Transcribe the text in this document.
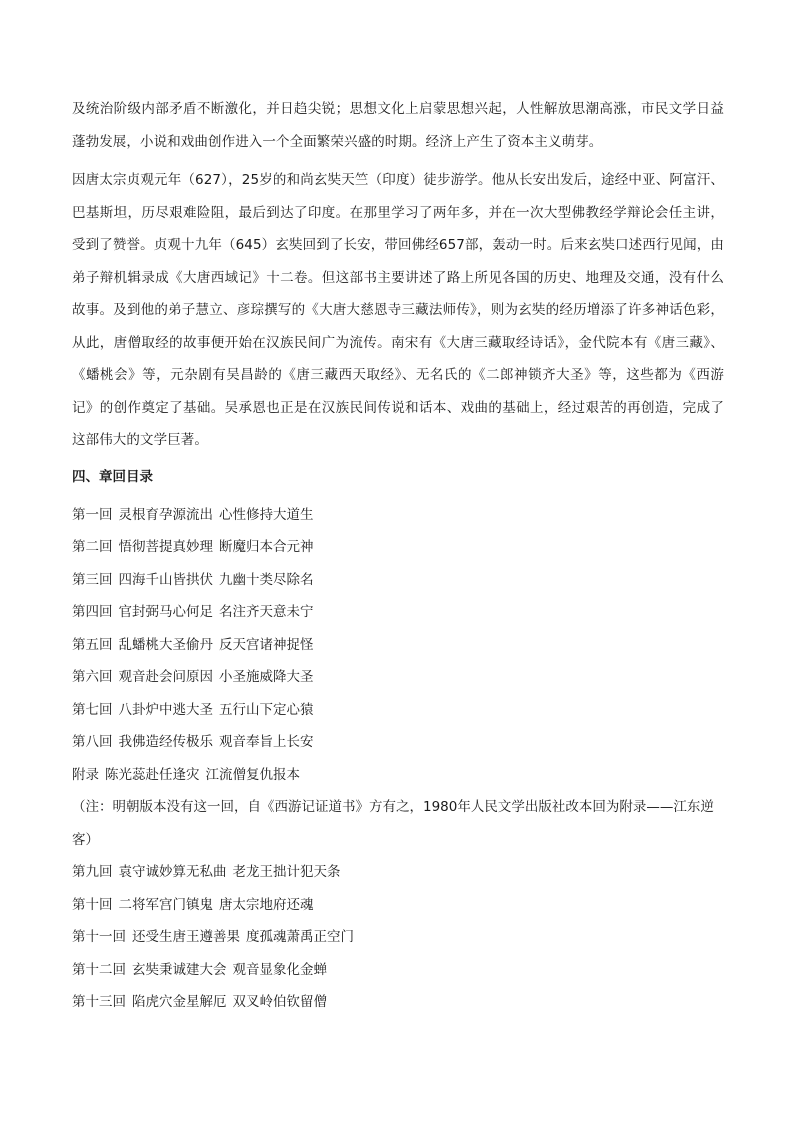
及统治阶级内部矛盾不断激化，并日趋尖锐；思想文化上启蒙思想兴起，人性解放思潮高涨，市民文学日益蓬勃发展，小说和戏曲创作进入一个全面繁荣兴盛的时期。经济上产生了资本主义萌芽。

因唐太宗贞观元年（627），25岁的和尚玄奘天竺（印度）徒步游学。他从长安出发后，途经中亚、阿富汗、巴基斯坦，历尽艰难险阻，最后到达了印度。在那里学习了两年多，并在一次大型佛教经学辩论会任主讲，受到了赞誉。贞观十九年（645）玄奘回到了长安，带回佛经657部，轰动一时。后来玄奘口述西行见闻，由弟子辩机辑录成《大唐西域记》十二卷。但这部书主要讲述了路上所见各国的历史、地理及交通，没有什么故事。及到他的弟子慧立、彦琮撰写的《大唐大慈恩寺三藏法师传》，则为玄奘的经历增添了许多神话色彩，从此，唐僧取经的故事便开始在汉族民间广为流传。南宋有《大唐三藏取经诗话》，金代院本有《唐三藏》、《蟠桃会》等，元杂剧有吴昌龄的《唐三藏西天取经》、无名氏的《二郎神锁齐大圣》等，这些都为《西游记》的创作奠定了基础。吴承恩也正是在汉族民间传说和话本、戏曲的基础上，经过艰苦的再创造，完成了这部伟大的文学巨著。

四、章回目录
第一回 灵根育孕源流出 心性修持大道生
第二回 悟彻菩提真妙理 断魔归本合元神
第三回 四海千山皆拱伏 九幽十类尽除名
第四回 官封弼马心何足 名注齐天意未宁
第五回 乱蟠桃大圣偷丹 反天宫诸神捉怪
第六回 观音赴会问原因 小圣施威降大圣
第七回 八卦炉中逃大圣 五行山下定心猿
第八回 我佛造经传极乐 观音奉旨上长安
附录 陈光蕊赴任逢灾 江流僧复仇报本

（注：明朝版本没有这一回，自《西游记证道书》方有之，1980年人民文学出版社改本回为附录——江东逆客）

第九回 袁守诚妙算无私曲 老龙王拙计犯天条
第十回 二将军宫门镇鬼 唐太宗地府还魂
第十一回 还受生唐王遵善果 度孤魂萧禹正空门
第十二回 玄奘秉诚建大会 观音显象化金蝉
第十三回 陷虎穴金星解厄 双叉岭伯钦留僧
